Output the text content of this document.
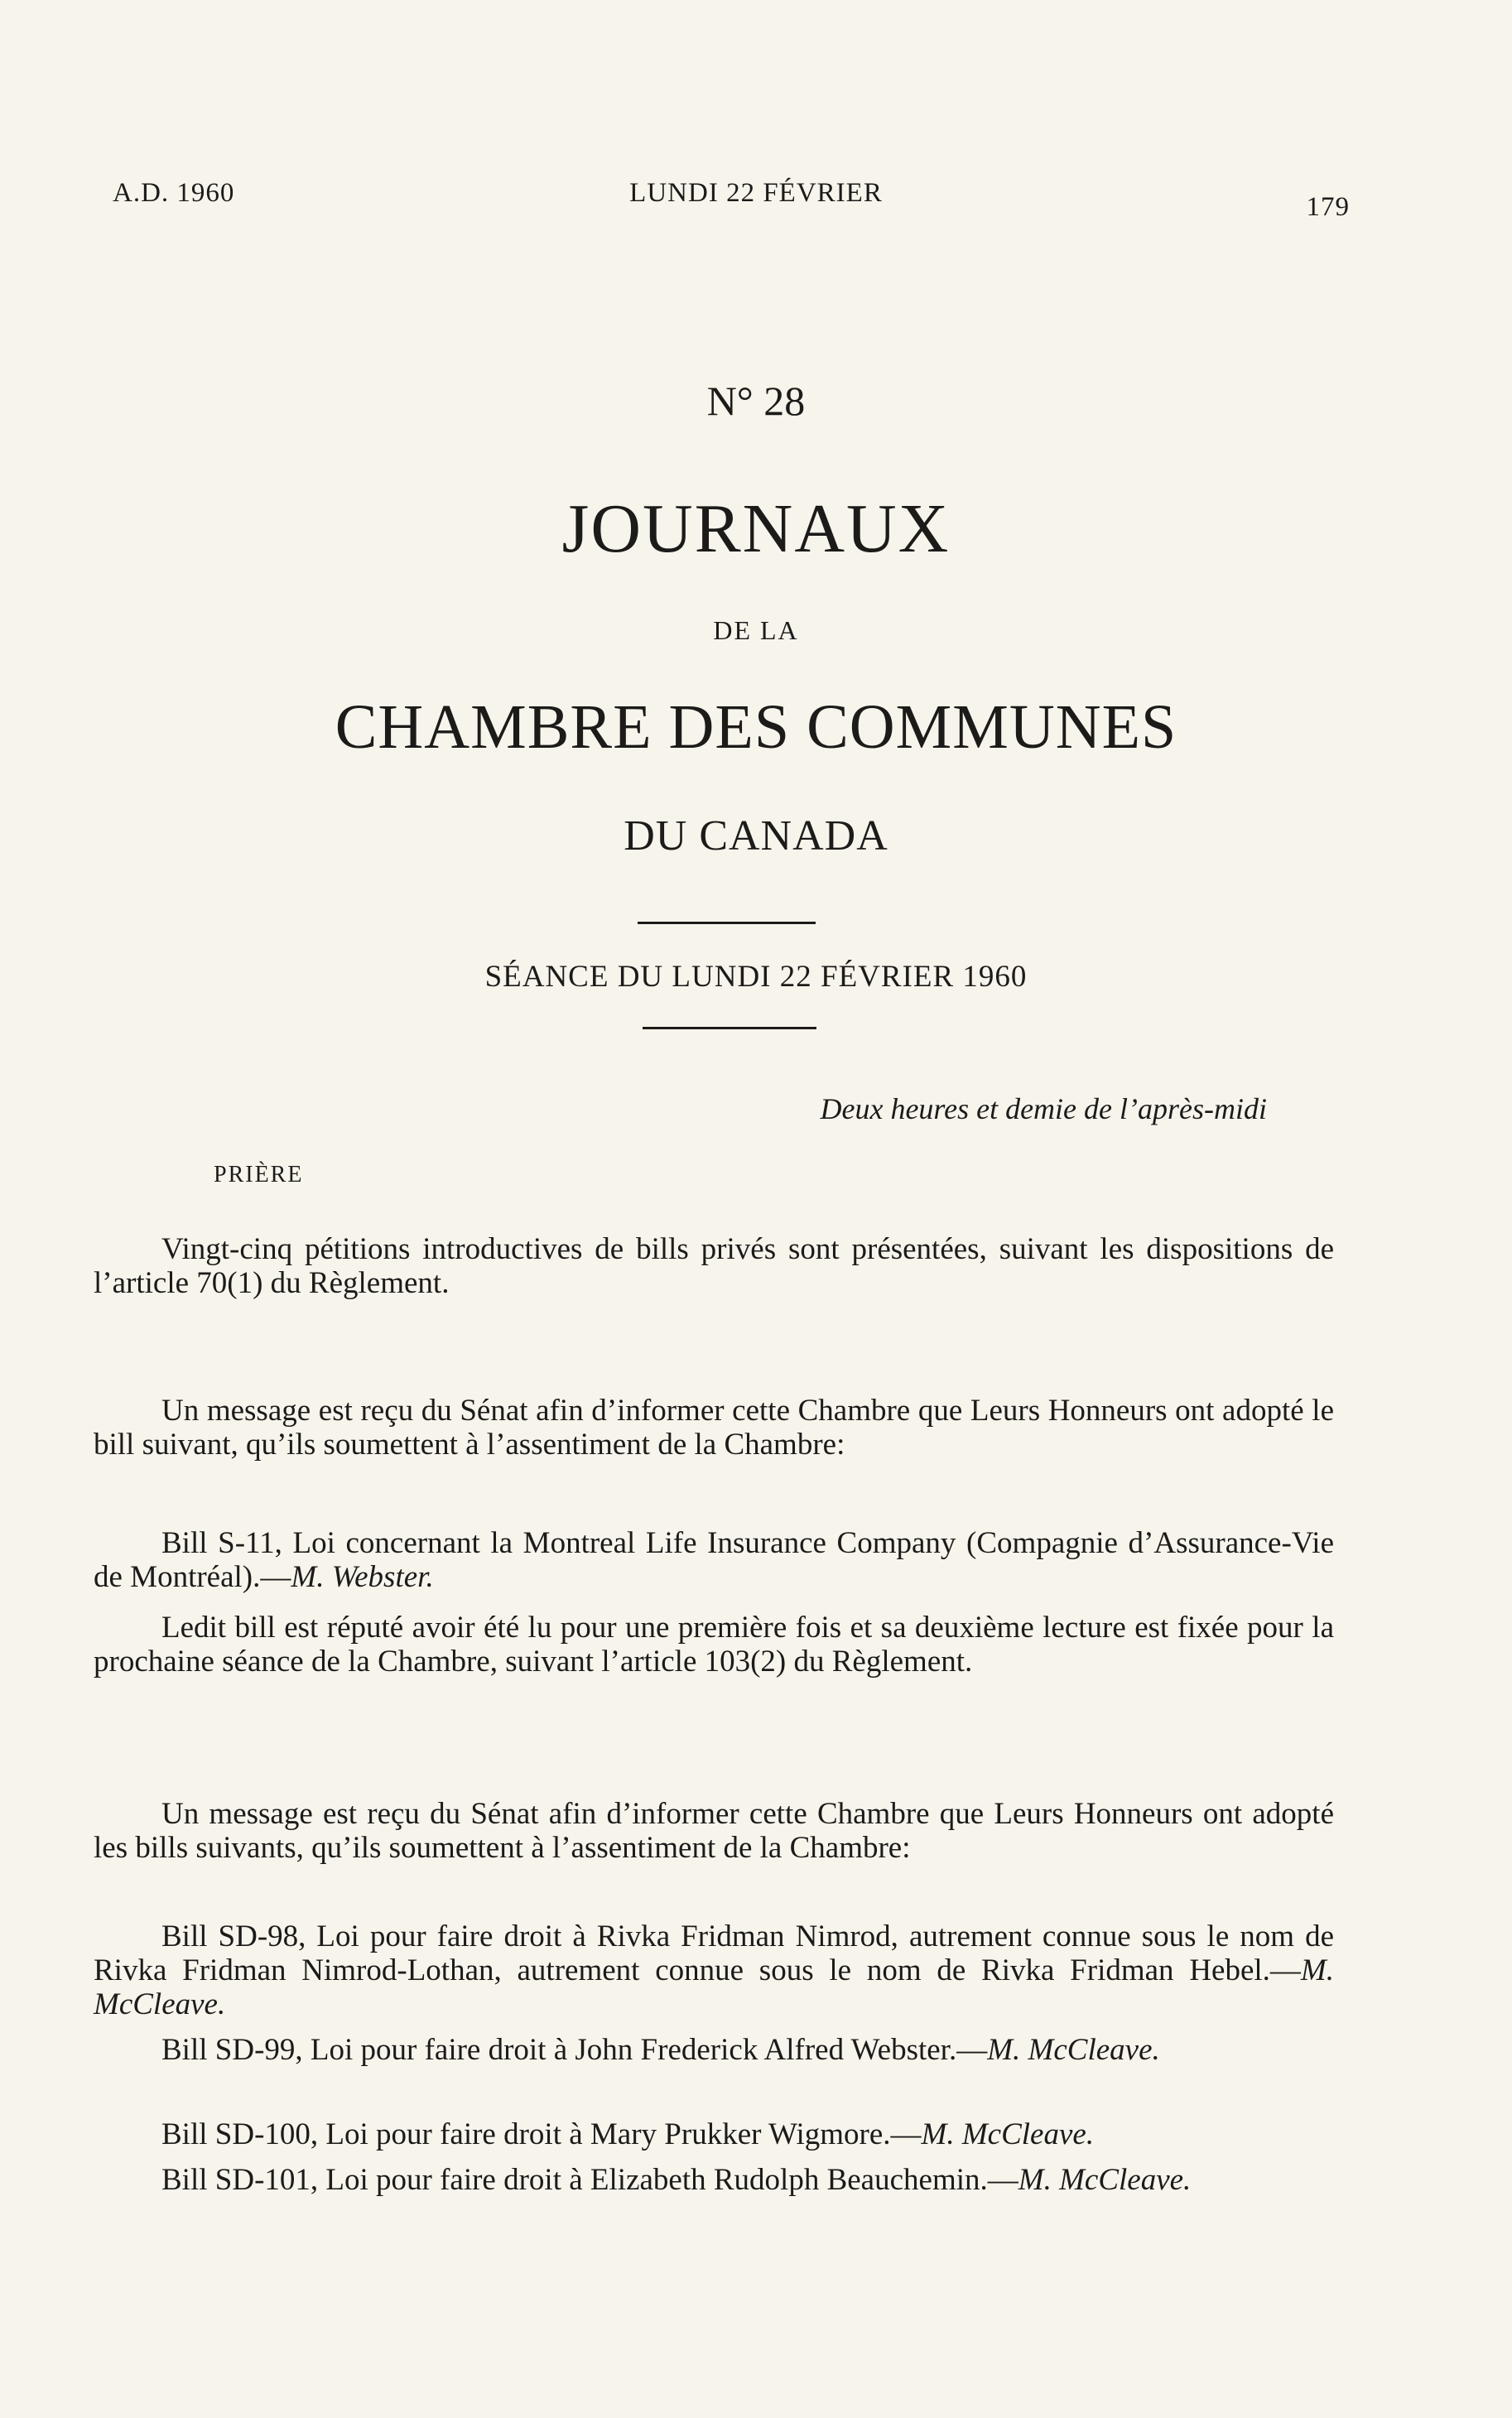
A.D. 1960	LUNDI 22 FÉVRIER	179
N° 28
JOURNAUX
DE LA
CHAMBRE DES COMMUNES
DU CANADA
SÉANCE DU LUNDI 22 FÉVRIER 1960
Deux heures et demie de l’après-midi
PRIÈRE

Vingt-cinq pétitions introductives de bills privés sont présentées, suivant les dispositions de l’article 70(1) du Règlement.

Un message est reçu du Sénat afin d’informer cette Chambre que Leurs Honneurs ont adopté le bill suivant, qu’ils soumettent à l’assentiment de la Chambre:

Bill S-11, Loi concernant la Montreal Life Insurance Company (Compagnie d’Assurance-Vie de Montréal).—M. Webster.

Ledit bill est réputé avoir été lu pour une première fois et sa deuxième lecture est fixée pour la prochaine séance de la Chambre, suivant l’article 103(2) du Règlement.

Un message est reçu du Sénat afin d’informer cette Chambre que Leurs Honneurs ont adopté les bills suivants, qu’ils soumettent à l’assentiment de la Chambre:

Bill SD-98, Loi pour faire droit à Rivka Fridman Nimrod, autrement connue sous le nom de Rivka Fridman Nimrod-Lothan, autrement connue sous le nom de Rivka Fridman Hebel.—M. McCleave.

Bill SD-99, Loi pour faire droit à John Frederick Alfred Webster.—M. McCleave.

Bill SD-100, Loi pour faire droit à Mary Prukker Wigmore.—M. McCleave.

Bill SD-101, Loi pour faire droit à Elizabeth Rudolph Beauchemin.—M. McCleave.
